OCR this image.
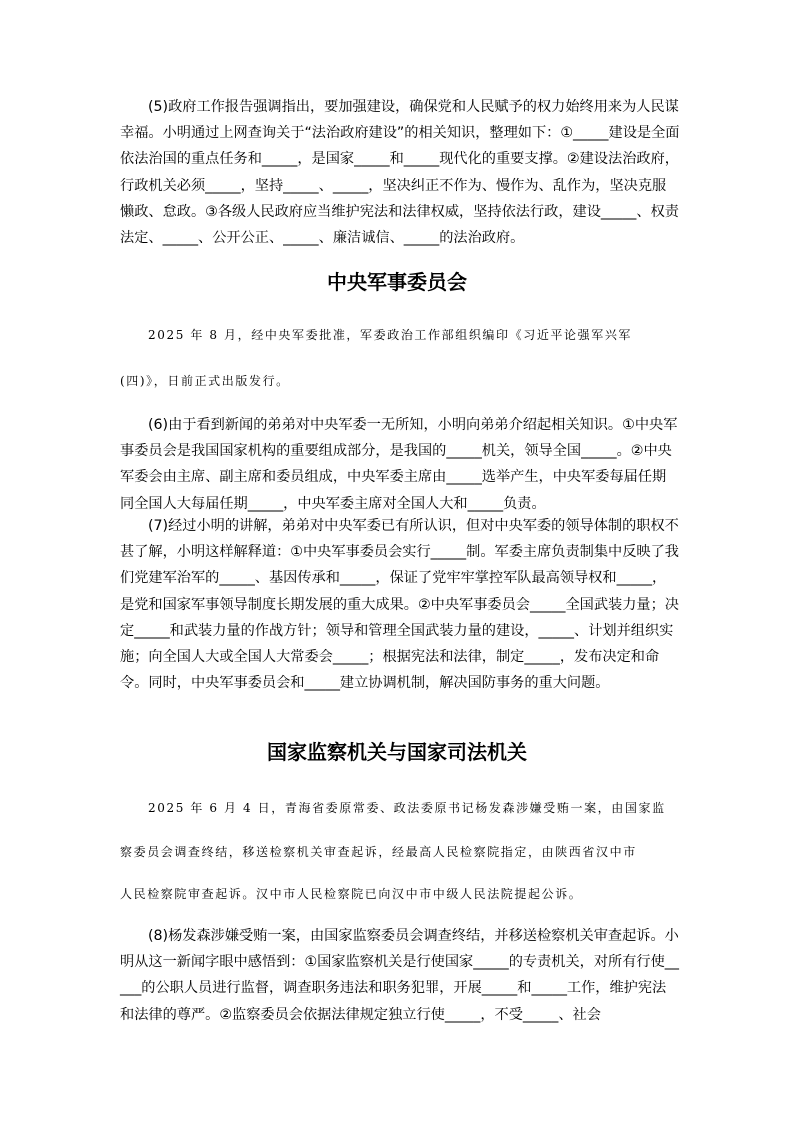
(5)政府工作报告强调指出，要加强建设，确保党和人民赋予的权力始终用来为人民谋幸福。小明通过上网查询关于“法治政府建设”的相关知识，整理如下：①_____建设是全面依法治国的重点任务和_____，是国家_____和_____现代化的重要支撑。②建设法治政府，行政机关必须_____，坚持_____、_____，坚决纠正不作为、慢作为、乱作为，坚决克服懒政、怠政。③各级人民政府应当维护宪法和法律权威，坚持依法行政，建设_____、权责法定、_____、公开公正、_____、廉洁诚信、_____的法治政府。

中央军事委员会
2025 年 8 月，经中央军委批准，军委政治工作部组织编印《习近平论强军兴军
(四)》，日前正式出版发行。

(6)由于看到新闻的弟弟对中央军委一无所知，小明向弟弟介绍起相关知识。①中央军事委员会是我国国家机构的重要组成部分，是我国的_____机关，领导全国_____。②中央军委会由主席、副主席和委员组成，中央军委主席由_____选举产生，中央军委每届任期同全国人大每届任期_____，中央军委主席对全国人大和_____负责。

(7)经过小明的讲解，弟弟对中央军委已有所认识，但对中央军委的领导体制的职权不甚了解，小明这样解释道：①中央军事委员会实行_____制。军委主席负责制集中反映了我们党建军治军的_____、基因传承和_____，保证了党牢牢掌控军队最高领导权和_____，是党和国家军事领导制度长期发展的重大成果。②中央军事委员会_____全国武装力量；决定_____和武装力量的作战方针；领导和管理全国武装力量的建设，_____、计划并组织实施；向全国人大或全国人大常委会_____；根据宪法和法律，制定_____，发布决定和命令。同时，中央军事委员会和_____建立协调机制，解决国防事务的重大问题。

国家监察机关与国家司法机关
2025 年 6 月 4 日，青海省委原常委、政法委原书记杨发森涉嫌受贿一案，由国家监
察委员会调查终结，移送检察机关审查起诉，经最高人民检察院指定，由陕西省汉中市
人民检察院审查起诉。汉中市人民检察院已向汉中市中级人民法院提起公诉。

(8)杨发森涉嫌受贿一案，由国家监察委员会调查终结，并移送检察机关审查起诉。小明从这一新闻字眼中感悟到：①国家监察机关是行使国家_____的专责机关，对所有行使_____的公职人员进行监督，调查职务违法和职务犯罪，开展_____和_____工作，维护宪法和法律的尊严。②监察委员会依据法律规定独立行使_____，不受_____、社会
